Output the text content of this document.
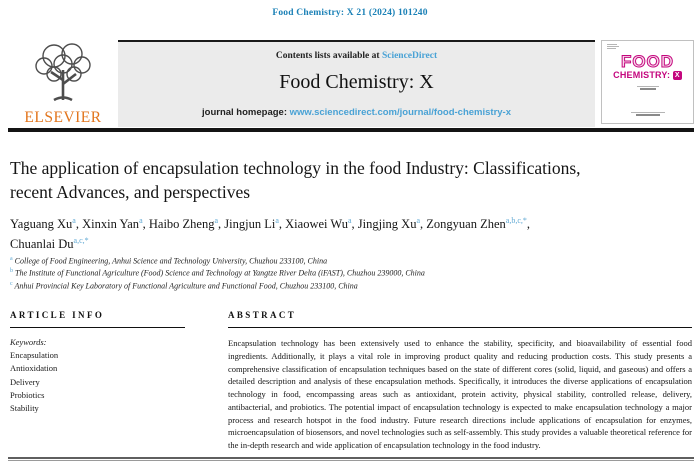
Food Chemistry: X 21 (2024) 101240
ELSEVIER
Contents lists available at ScienceDirect
Food Chemistry: X
journal homepage: www.sciencedirect.com/journal/food-chemistry-x
FOOD
CHEMISTRY: X
The application of encapsulation technology in the food Industry: Classifications, recent Advances, and perspectives
Yaguang Xu$^a$, Xinxin Yan$^a$, Haibo Zheng$^a$, Jingjun Li$^a$, Xiaowei Wu$^a$, Jingjing Xu$^a$, Zongyuan Zhen$^{a,b,c,*}$, Chuanlai $Du^{a,c,*}$
$^a$ College of Food Engineering, Anhui Science and Technology University, Chuzhou 233100, China
$^b$ The Institute of Functional Agriculture (Food) Science and Technology at Yangtze River Delta (iFAST), Chuzhou 239000, China
$^c$ Anhui Provincial Key Laboratory of Functional Agriculture and Functional Food, Chuzhou 233100, China
ARTICLE INFO
Keywords:
Encapsulation
Antioxidation
Delivery
Probiotics
Stability
ABSTRACT

Encapsulation technology has been extensively used to enhance the stability, specificity, and bioavailability of essential food ingredients. Additionally, it plays a vital role in improving product quality and reducing production costs. This study presents a comprehensive classification of encapsulation techniques based on the state of different cores (solid, liquid, and gaseous) and offers a detailed description and analysis of these encapsulation methods. Specifically, it introduces the diverse applications of encapsulation technology in food, encompassing areas such as antioxidant, protein activity, physical stability, controlled release, delivery, antibacterial, and probiotics. The potential impact of encapsulation technology is expected to make encapsulation technology a major process and research hotspot in the food industry. Future research directions include applications of encapsulation for enzymes, microencapsulation of biosensors, and novel technologies such as self-assembly. This study provides a valuable theoretical reference for the in-depth research and wide application of encapsulation technology in the food industry.
